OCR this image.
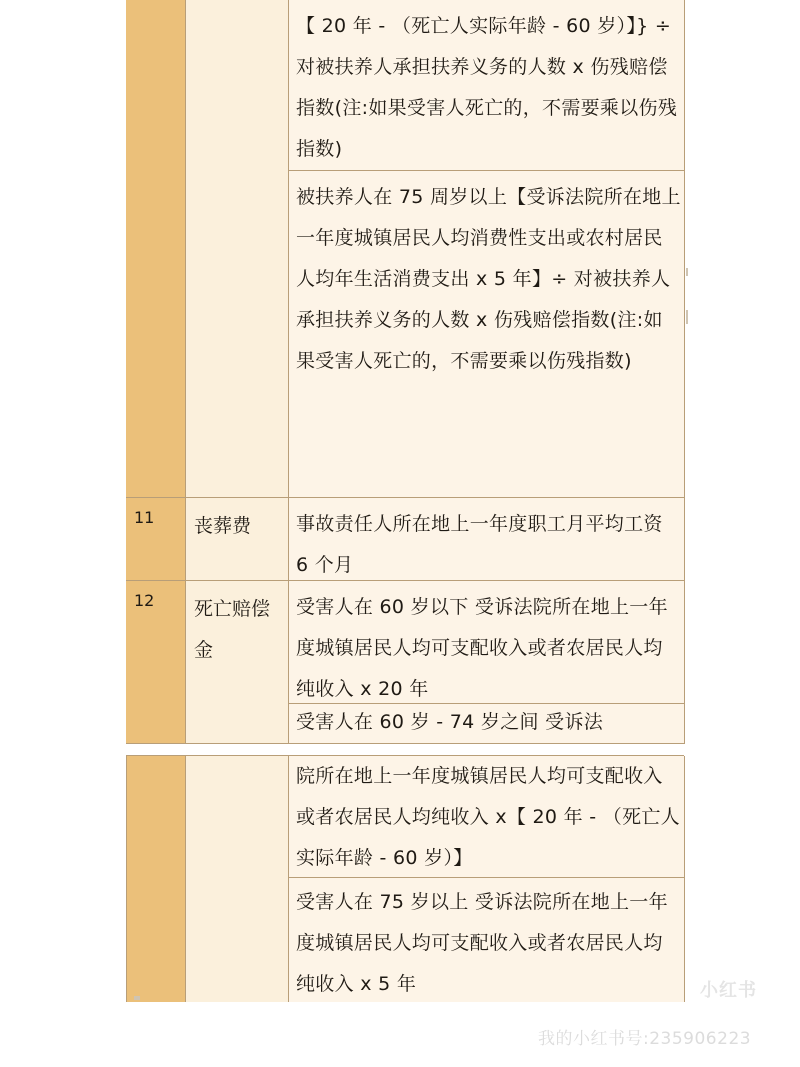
【 20 年 - （死亡人实际年龄 - 60 岁）】} ÷ 对被扶养人承担扶养义务的人数 x 伤残赔偿指数(注:如果受害人死亡的，不需要乘以伤残指数)
被扶养人在 75 周岁以上【受诉法院所在地上一年度城镇居民人均消费性支出或农村居民人均年生活消费支出 x 5 年】÷ 对被扶养人承担扶养义务的人数 x 伤残赔偿指数(注:如果受害人死亡的，不需要乘以伤残指数)
11 丧葬费	事故责任人所在地上一年度职工月平均工资 6 个月
12 死亡赔偿金
受害人在 60 岁以下 受诉法院所在地上一年度城镇居民人均可支配收入或者农居民人均纯收入 x 20 年
受害人在 60 岁 - 74 岁之间 受诉法
院所在地上一年度城镇居民人均可支配收入或者农居民人均纯收入 x【 20 年 - （死亡人实际年龄 - 60 岁）】
受害人在 75 岁以上 受诉法院所在地上一年度城镇居民人均可支配收入或者农居民人均纯收入 x 5 年	小红书
我的小红书号:235906223
